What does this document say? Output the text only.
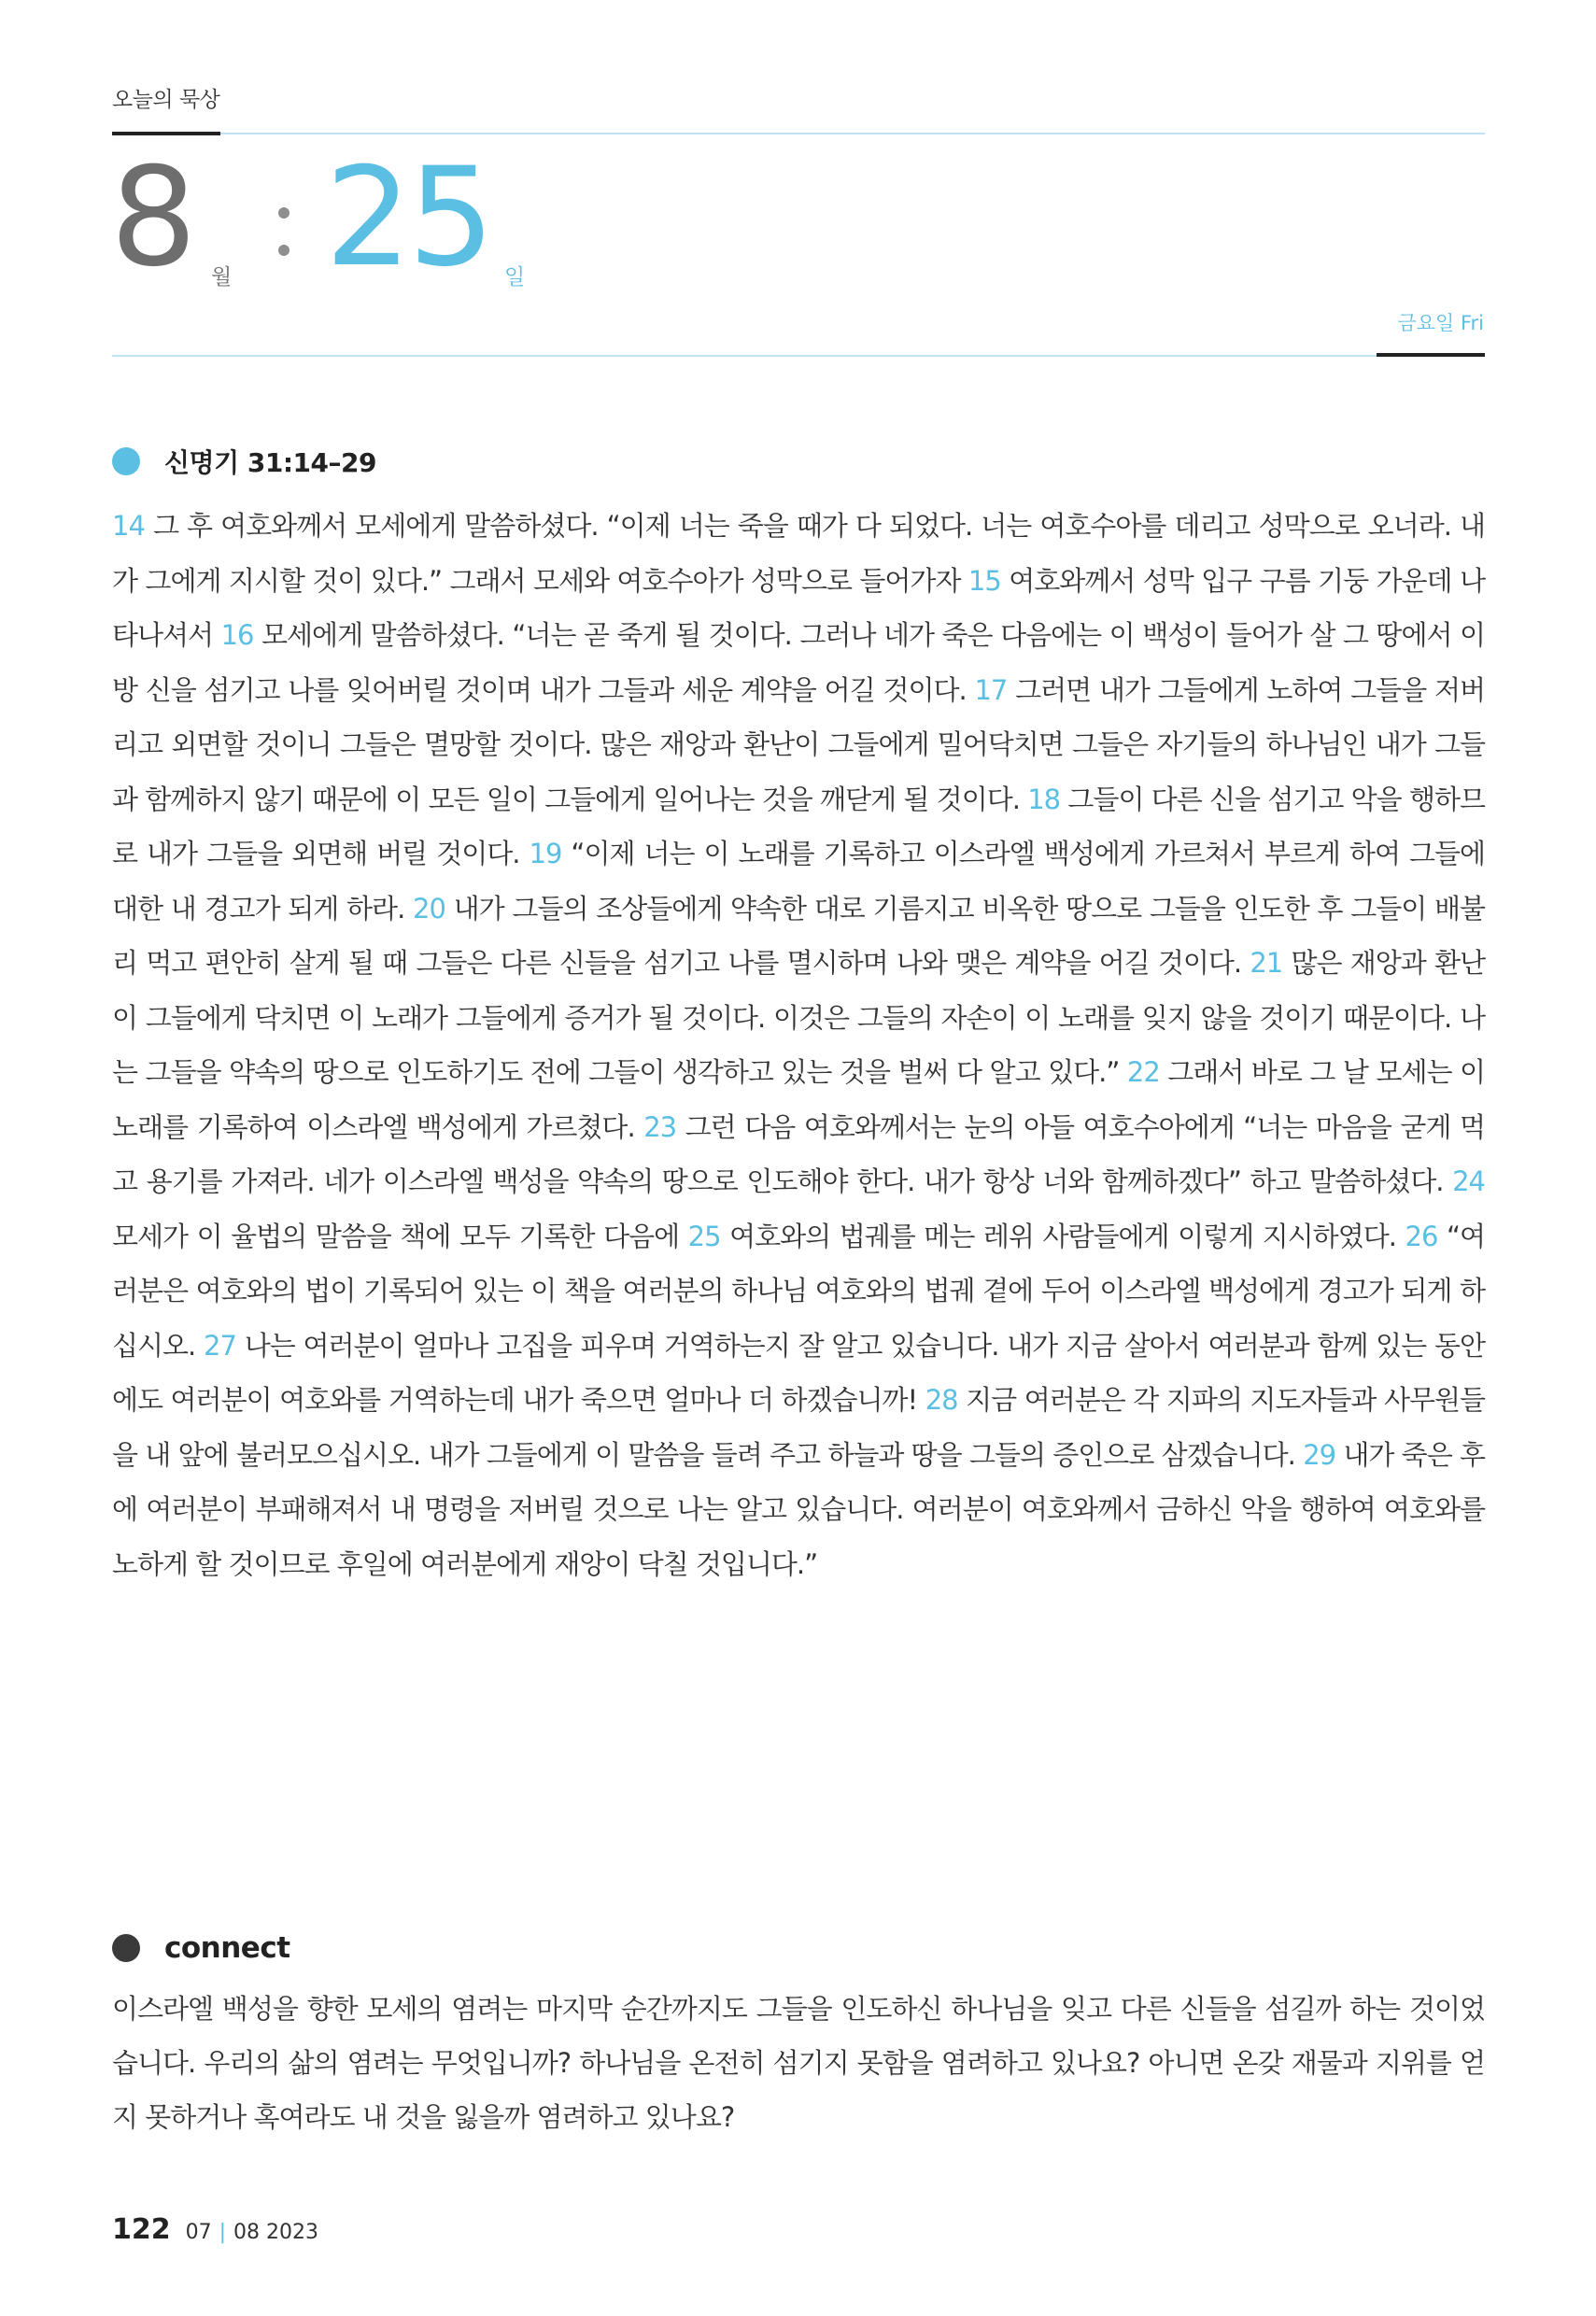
오늘의 묵상
8 월 25 일
금요일 Fri
신명기 31:14–29
14 그 후 여호와께서 모세에게 말씀하셨다. “이제 너는 죽을 때가 다 되었다. 너는 여호수아를 데리고 성막으로 오너라. 내가 그에게 지시할 것이 있다.” 그래서 모세와 여호수아가 성막으로 들어가자 15 여호와께서 성막 입구 구름 기둥 가운데 나타나셔서 16 모세에게 말씀하셨다. “너는 곧 죽게 될 것이다. 그러나 네가 죽은 다음에는 이 백성이 들어가 살 그 땅에서 이방 신을 섬기고 나를 잊어버릴 것이며 내가 그들과 세운 계약을 어길 것이다. 17 그러면 내가 그들에게 노하여 그들을 저버리고 외면할 것이니 그들은 멸망할 것이다. 많은 재앙과 환난이 그들에게 밀어닥치면 그들은 자기들의 하나님인 내가 그들과 함께하지 않기 때문에 이 모든 일이 그들에게 일어나는 것을 깨닫게 될 것이다. 18 그들이 다른 신을 섬기고 악을 행하므로 내가 그들을 외면해 버릴 것이다. 19 “이제 너는 이 노래를 기록하고 이스라엘 백성에게 가르쳐서 부르게 하여 그들에 대한 내 경고가 되게 하라. 20 내가 그들의 조상들에게 약속한 대로 기름지고 비옥한 땅으로 그들을 인도한 후 그들이 배불리 먹고 편안히 살게 될 때 그들은 다른 신들을 섬기고 나를 멸시하며 나와 맺은 계약을 어길 것이다. 21 많은 재앙과 환난이 그들에게 닥치면 이 노래가 그들에게 증거가 될 것이다. 이것은 그들의 자손이 이 노래를 잊지 않을 것이기 때문이다. 나는 그들을 약속의 땅으로 인도하기도 전에 그들이 생각하고 있는 것을 벌써 다 알고 있다.” 22 그래서 바로 그 날 모세는 이 노래를 기록하여 이스라엘 백성에게 가르쳤다. 23 그런 다음 여호와께서는 눈의 아들 여호수아에게 “너는 마음을 굳게 먹고 용기를 가져라. 네가 이스라엘 백성을 약속의 땅으로 인도해야 한다. 내가 항상 너와 함께하겠다” 하고 말씀하셨다. 24 모세가 이 율법의 말씀을 책에 모두 기록한 다음에 25 여호와의 법궤를 메는 레위 사람들에게 이렇게 지시하였다. 26 “여러분은 여호와의 법이 기록되어 있는 이 책을 여러분의 하나님 여호와의 법궤 곁에 두어 이스라엘 백성에게 경고가 되게 하십시오. 27 나는 여러분이 얼마나 고집을 피우며 거역하는지 잘 알고 있습니다. 내가 지금 살아서 여러분과 함께 있는 동안에도 여러분이 여호와를 거역하는데 내가 죽으면 얼마나 더 하겠습니까! 28 지금 여러분은 각 지파의 지도자들과 사무원들을 내 앞에 불러모으십시오. 내가 그들에게 이 말씀을 들려 주고 하늘과 땅을 그들의 증인으로 삼겠습니다. 29 내가 죽은 후에 여러분이 부패해져서 내 명령을 저버릴 것으로 나는 알고 있습니다. 여러분이 여호와께서 금하신 악을 행하여 여호와를 노하게 할 것이므로 후일에 여러분에게 재앙이 닥칠 것입니다.”
connect
이스라엘 백성을 향한 모세의 염려는 마지막 순간까지도 그들을 인도하신 하나님을 잊고 다른 신들을 섬길까 하는 것이었습니다. 우리의 삶의 염려는 무엇입니까? 하나님을 온전히 섬기지 못함을 염려하고 있나요? 아니면 온갖 재물과 지위를 얻지 못하거나 혹여라도 내 것을 잃을까 염려하고 있나요?
122 07 | 08 2023
